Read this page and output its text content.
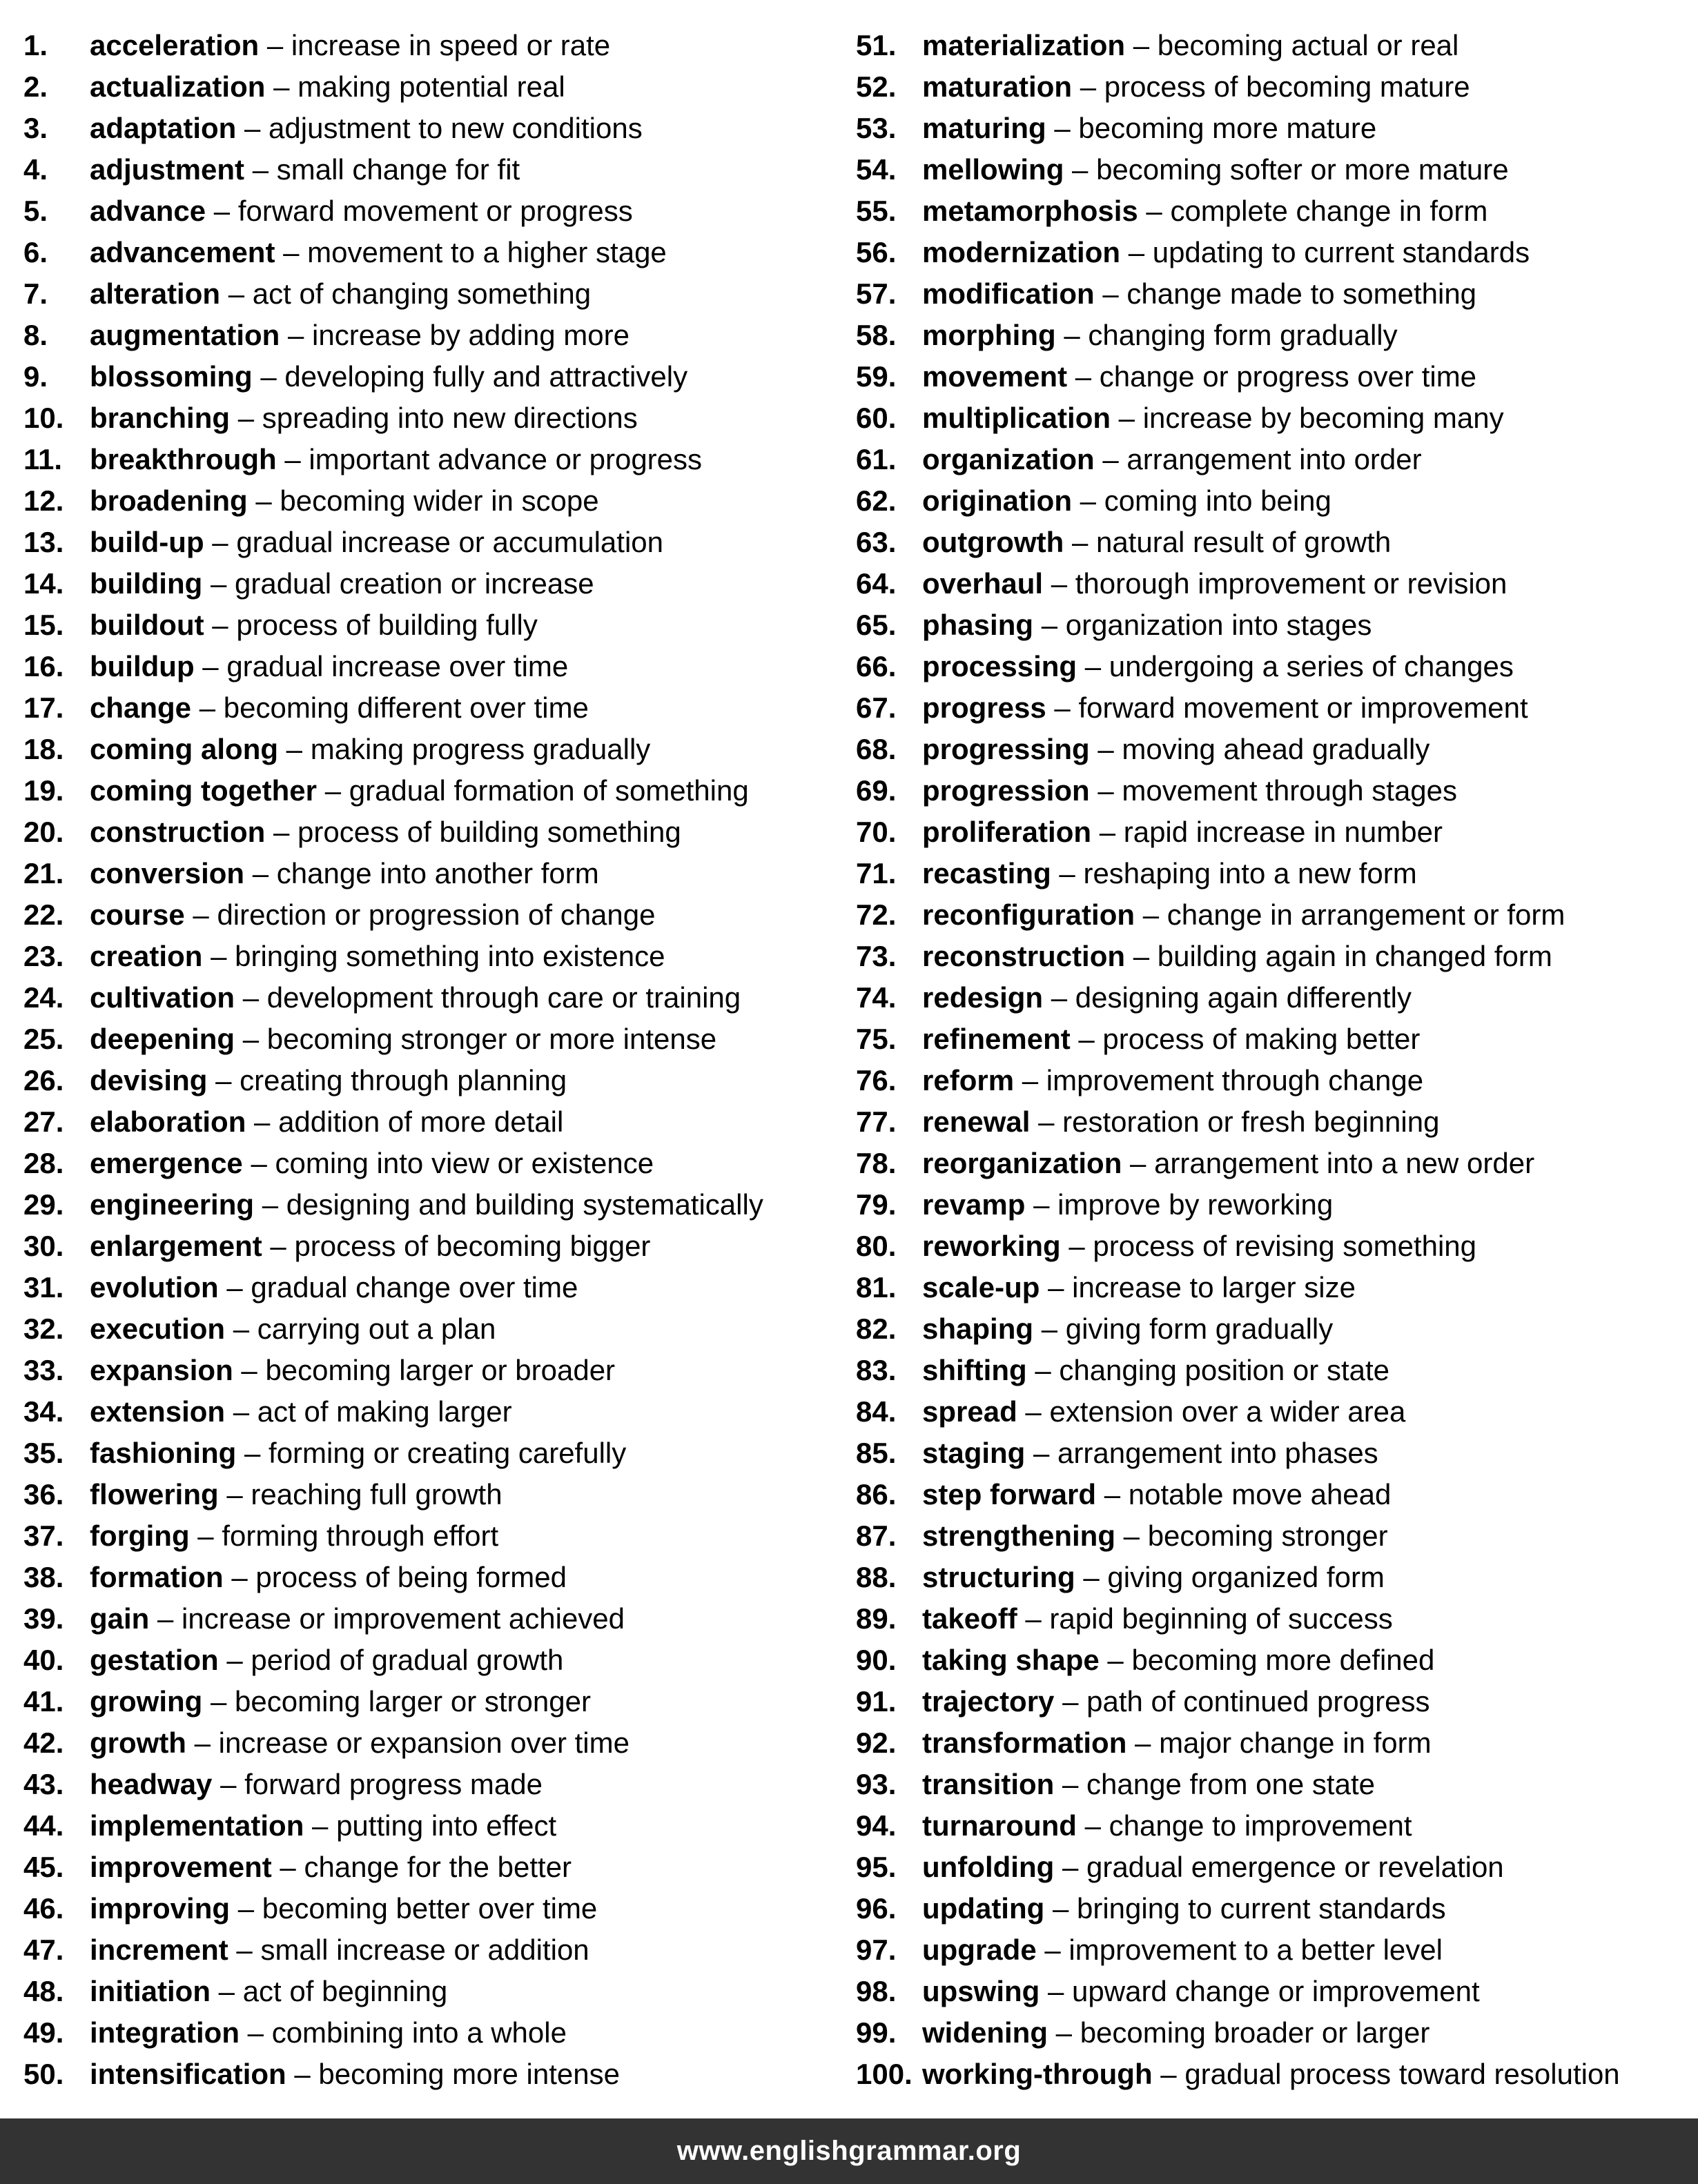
1. acceleration – increase in speed or rate
2. actualization – making potential real
3. adaptation – adjustment to new conditions
4. adjustment – small change for fit
5. advance – forward movement or progress
6. advancement – movement to a higher stage
7. alteration – act of changing something
8. augmentation – increase by adding more
9. blossoming – developing fully and attractively
10. branching – spreading into new directions
11. breakthrough – important advance or progress
12. broadening – becoming wider in scope
13. build-up – gradual increase or accumulation
14. building – gradual creation or increase
15. buildout – process of building fully
16. buildup – gradual increase over time
17. change – becoming different over time
18. coming along – making progress gradually
19. coming together – gradual formation of something
20. construction – process of building something
21. conversion – change into another form
22. course – direction or progression of change
23. creation – bringing something into existence
24. cultivation – development through care or training
25. deepening – becoming stronger or more intense
26. devising – creating through planning
27. elaboration – addition of more detail
28. emergence – coming into view or existence
29. engineering – designing and building systematically
30. enlargement – process of becoming bigger
31. evolution – gradual change over time
32. execution – carrying out a plan
33. expansion – becoming larger or broader
34. extension – act of making larger
35. fashioning – forming or creating carefully
36. flowering – reaching full growth
37. forging – forming through effort
38. formation – process of being formed
39. gain – increase or improvement achieved
40. gestation – period of gradual growth
41. growing – becoming larger or stronger
42. growth – increase or expansion over time
43. headway – forward progress made
44. implementation – putting into effect
45. improvement – change for the better
46. improving – becoming better over time
47. increment – small increase or addition
48. initiation – act of beginning
49. integration – combining into a whole
50. intensification – becoming more intense
51. materialization – becoming actual or real
52. maturation – process of becoming mature
53. maturing – becoming more mature
54. mellowing – becoming softer or more mature
55. metamorphosis – complete change in form
56. modernization – updating to current standards
57. modification – change made to something
58. morphing – changing form gradually
59. movement – change or progress over time
60. multiplication – increase by becoming many
61. organization – arrangement into order
62. origination – coming into being
63. outgrowth – natural result of growth
64. overhaul – thorough improvement or revision
65. phasing – organization into stages
66. processing – undergoing a series of changes
67. progress – forward movement or improvement
68. progressing – moving ahead gradually
69. progression – movement through stages
70. proliferation – rapid increase in number
71. recasting – reshaping into a new form
72. reconfiguration – change in arrangement or form
73. reconstruction – building again in changed form
74. redesign – designing again differently
75. refinement – process of making better
76. reform – improvement through change
77. renewal – restoration or fresh beginning
78. reorganization – arrangement into a new order
79. revamp – improve by reworking
80. reworking – process of revising something
81. scale-up – increase to larger size
82. shaping – giving form gradually
83. shifting – changing position or state
84. spread – extension over a wider area
85. staging – arrangement into phases
86. step forward – notable move ahead
87. strengthening – becoming stronger
88. structuring – giving organized form
89. takeoff – rapid beginning of success
90. taking shape – becoming more defined
91. trajectory – path of continued progress
92. transformation – major change in form
93. transition – change from one state
94. turnaround – change to improvement
95. unfolding – gradual emergence or revelation
96. updating – bringing to current standards
97. upgrade – improvement to a better level
98. upswing – upward change or improvement
99. widening – becoming broader or larger
100. working-through – gradual process toward resolution
www.englishgrammar.org
